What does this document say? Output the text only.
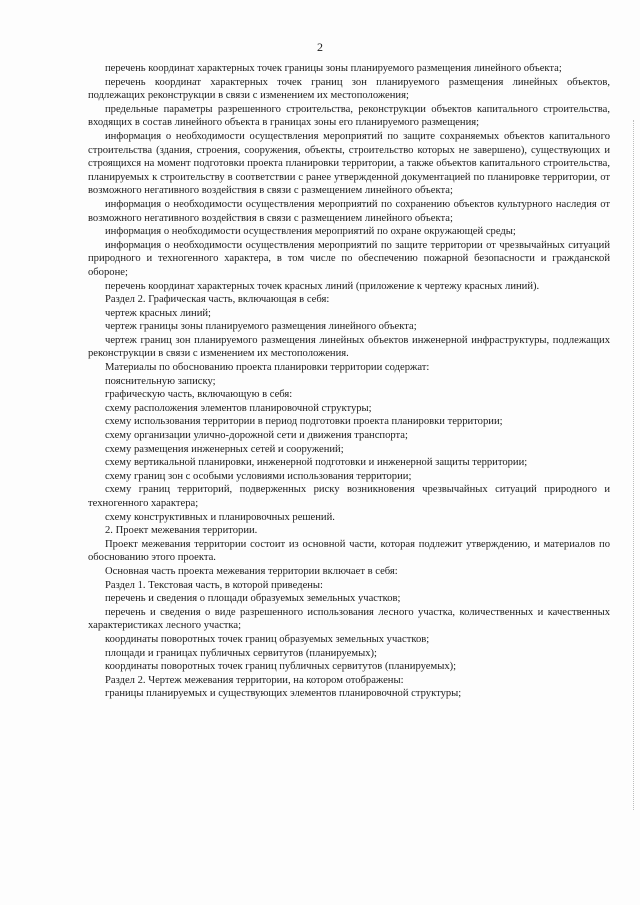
2

перечень координат характерных точек границы зоны планируемого размещения линейного объекта;

перечень координат характерных точек границ зон планируемого размещения линейных объектов, подлежащих реконструкции в связи с изменением их местоположения;

предельные параметры разрешенного строительства, реконструкции объектов капитального строительства, входящих в состав линейного объекта в границах зоны его планируемого размещения;

информация о необходимости осуществления мероприятий по защите сохраняемых объектов капитального строительства (здания, строения, сооружения, объекты, строительство которых не завершено), существующих и строящихся на момент подготовки проекта планировки территории, а также объектов капитального строительства, планируемых к строительству в соответствии с ранее утвержденной документацией по планировке территории, от возможного негативного воздействия в связи с размещением линейного объекта;

информация о необходимости осуществления мероприятий по сохранению объектов культурного наследия от возможного негативного воздействия в связи с размещением линейного объекта;

информация о необходимости осуществления мероприятий по охране окружающей среды;

информация о необходимости осуществления мероприятий по защите территории от чрезвычайных ситуаций природного и техногенного характера, в том числе по обеспечению пожарной безопасности и гражданской обороне;

перечень координат характерных точек красных линий (приложение к чертежу красных линий).

Раздел 2. Графическая часть, включающая в себя:

чертеж красных линий;

чертеж границы зоны планируемого размещения линейного объекта;

чертеж границ зон планируемого размещения линейных объектов инженерной инфраструктуры, подлежащих реконструкции в связи с изменением их местоположения.

Материалы по обоснованию проекта планировки территории содержат:

пояснительную записку;

графическую часть, включающую в себя:

схему расположения элементов планировочной структуры;

схему использования территории в период подготовки проекта планировки территории;

схему организации улично-дорожной сети и движения транспорта;

схему размещения инженерных сетей и сооружений;

схему вертикальной планировки, инженерной подготовки и инженерной защиты территории;

схему границ зон с особыми условиями использования территории;

схему границ территорий, подверженных риску возникновения чрезвычайных ситуаций природного и техногенного характера;

схему конструктивных и планировочных решений.

2. Проект межевания территории.

Проект межевания территории состоит из основной части, которая подлежит утверждению, и материалов по обоснованию этого проекта.

Основная часть проекта межевания территории включает в себя:

Раздел 1. Текстовая часть, в которой приведены:

перечень и сведения о площади образуемых земельных участков;

перечень и сведения о виде разрешенного использования лесного участка, количественных и качественных характеристиках лесного участка;

координаты поворотных точек границ образуемых земельных участков;

площади и границах публичных сервитутов (планируемых);

координаты поворотных точек границ публичных сервитутов (планируемых);

Раздел 2. Чертеж межевания территории, на котором отображены:

границы планируемых и существующих элементов планировочной структуры;
